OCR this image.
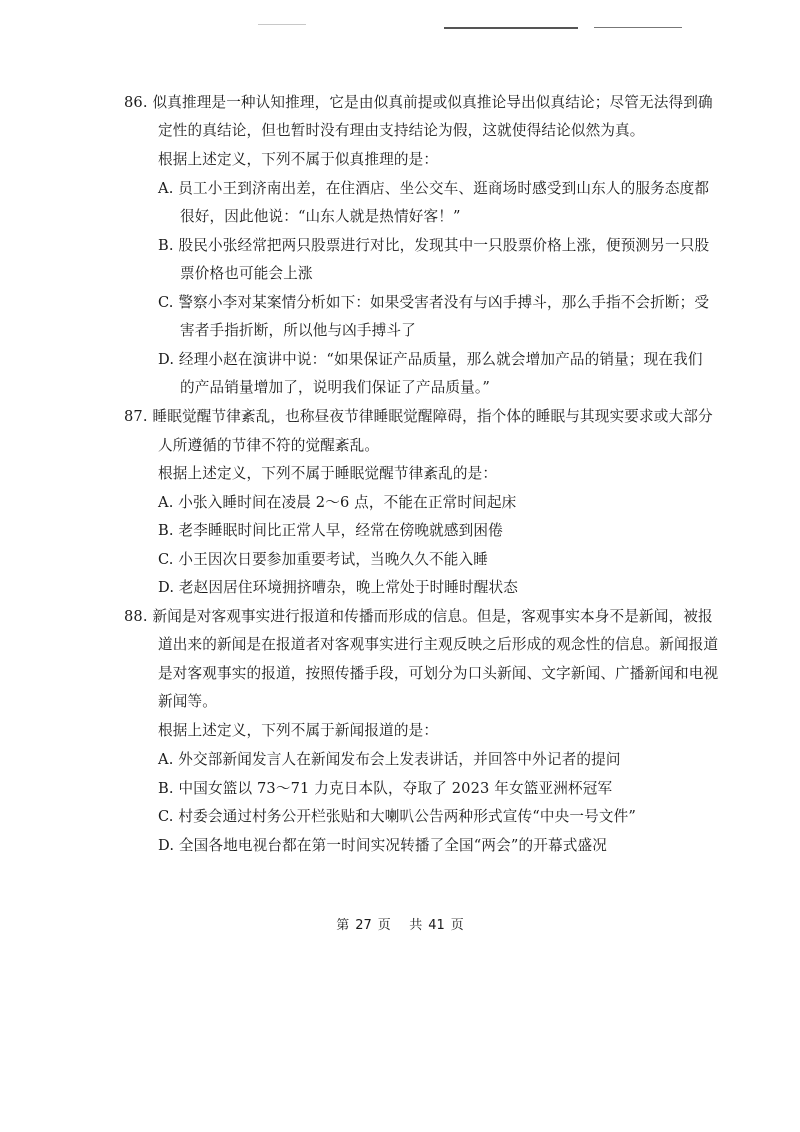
86. 似真推理是一种认知推理，它是由似真前提或似真推论导出似真结论；尽管无法得到确
定性的真结论，但也暂时没有理由支持结论为假，这就使得结论似然为真。
根据上述定义，下列不属于似真推理的是：
A. 员工小王到济南出差，在住酒店、坐公交车、逛商场时感受到山东人的服务态度都
很好，因此他说：“山东人就是热情好客！”
B. 股民小张经常把两只股票进行对比，发现其中一只股票价格上涨，便预测另一只股
票价格也可能会上涨
C. 警察小李对某案情分析如下：如果受害者没有与凶手搏斗，那么手指不会折断；受
害者手指折断，所以他与凶手搏斗了
D. 经理小赵在演讲中说：“如果保证产品质量，那么就会增加产品的销量；现在我们
的产品销量增加了，说明我们保证了产品质量。”
87. 睡眠觉醒节律紊乱，也称昼夜节律睡眠觉醒障碍，指个体的睡眠与其现实要求或大部分
人所遵循的节律不符的觉醒紊乱。
根据上述定义，下列不属于睡眠觉醒节律紊乱的是：
A. 小张入睡时间在凌晨 2～6 点，不能在正常时间起床
B. 老李睡眠时间比正常人早，经常在傍晚就感到困倦
C. 小王因次日要参加重要考试，当晚久久不能入睡
D. 老赵因居住环境拥挤嘈杂，晚上常处于时睡时醒状态
88. 新闻是对客观事实进行报道和传播而形成的信息。但是，客观事实本身不是新闻，被报
道出来的新闻是在报道者对客观事实进行主观反映之后形成的观念性的信息。新闻报道
是对客观事实的报道，按照传播手段，可划分为口头新闻、文字新闻、广播新闻和电视
新闻等。
根据上述定义，下列不属于新闻报道的是：
A. 外交部新闻发言人在新闻发布会上发表讲话，并回答中外记者的提问
B. 中国女篮以 73～71 力克日本队，夺取了 2023 年女篮亚洲杯冠军
C. 村委会通过村务公开栏张贴和大喇叭公告两种形式宣传“中央一号文件”
D. 全国各地电视台都在第一时间实况转播了全国“两会”的开幕式盛况
第 27 页 共 41 页
